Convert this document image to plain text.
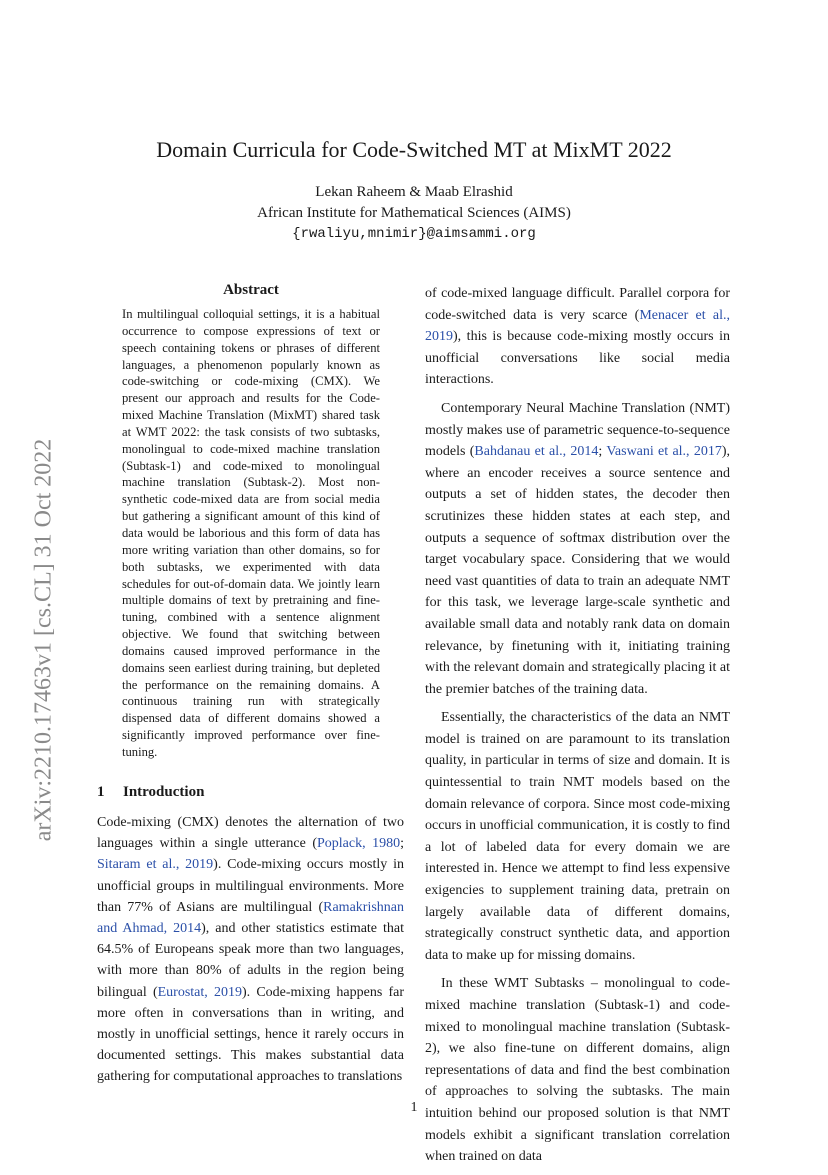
Domain Curricula for Code-Switched MT at MixMT 2022
Lekan Raheem & Maab Elrashid
African Institute for Mathematical Sciences (AIMS)
{rwaliyu,mnimir}@aimsammi.org
arXiv:2210.17463v1 [cs.CL] 31 Oct 2022
Abstract

In multilingual colloquial settings, it is a habitual occurrence to compose expressions of text or speech containing tokens or phrases of different languages, a phenomenon popularly known as code-switching or code-mixing (CMX). We present our approach and results for the Code-mixed Machine Translation (MixMT) shared task at WMT 2022: the task consists of two subtasks, monolingual to code-mixed machine translation (Subtask-1) and code-mixed to monolingual machine translation (Subtask-2). Most non-synthetic code-mixed data are from social media but gathering a significant amount of this kind of data would be laborious and this form of data has more writing variation than other domains, so for both subtasks, we experimented with data schedules for out-of-domain data. We jointly learn multiple domains of text by pretraining and fine-tuning, combined with a sentence alignment objective. We found that switching between domains caused improved performance in the domains seen earliest during training, but depleted the performance on the remaining domains. A continuous training run with strategically dispensed data of different domains showed a significantly improved performance over fine-tuning.

1 Introduction

Code-mixing (CMX) denotes the alternation of two languages within a single utterance (Poplack, 1980; Sitaram et al., 2019). Code-mixing occurs mostly in unofficial groups in multilingual environments. More than 77% of Asians are multilingual (Ramakrishnan and Ahmad, 2014), and other statistics estimate that 64.5% of Europeans speak more than two languages, with more than 80% of adults in the region being bilingual (Eurostat, 2019). Code-mixing happens far more often in conversations than in writing, and mostly in unofficial settings, hence it rarely occurs in documented settings. This makes substantial data gathering for computational approaches to translations

of code-mixed language difficult. Parallel corpora for code-switched data is very scarce (Menacer et al., 2019), this is because code-mixing mostly occurs in unofficial conversations like social media interactions.

Contemporary Neural Machine Translation (NMT) mostly makes use of parametric sequence-to-sequence models (Bahdanau et al., 2014; Vaswani et al., 2017), where an encoder receives a source sentence and outputs a set of hidden states, the decoder then scrutinizes these hidden states at each step, and outputs a sequence of softmax distribution over the target vocabulary space. Considering that we would need vast quantities of data to train an adequate NMT for this task, we leverage large-scale synthetic and available small data and notably rank data on domain relevance, by finetuning with it, initiating training with the relevant domain and strategically placing it at the premier batches of the training data.

Essentially, the characteristics of the data an NMT model is trained on are paramount to its translation quality, in particular in terms of size and domain. It is quintessential to train NMT models based on the domain relevance of corpora. Since most code-mixing occurs in unofficial communication, it is costly to find a lot of labeled data for every domain we are interested in. Hence we attempt to find less expensive exigencies to supplement training data, pretrain on largely available data of different domains, strategically construct synthetic data, and apportion data to make up for missing domains.

In these WMT Subtasks – monolingual to code-mixed machine translation (Subtask-1) and code-mixed to monolingual machine translation (Subtask-2), we also fine-tune on different domains, align representations of data and find the best combination of approaches to solving the subtasks. The main intuition behind our proposed solution is that NMT models exhibit a significant translation correlation when trained on data

1
